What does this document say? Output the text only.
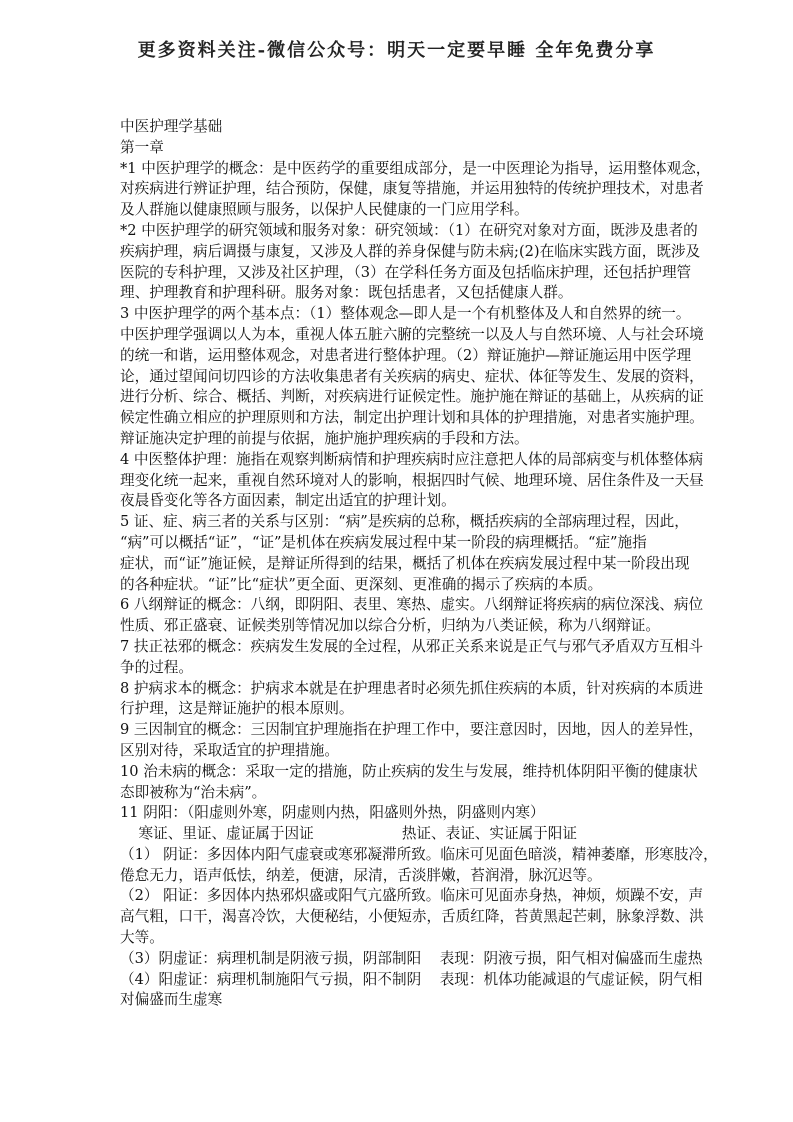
更多资料关注-微信公众号：明天一定要早睡 全年免费分享
中医护理学基础
第一章
*1 中医护理学的概念：是中医药学的重要组成部分，是一中医理论为指导，运用整体观念，
对疾病进行辨证护理，结合预防，保健，康复等措施，并运用独特的传统护理技术，对患者
及人群施以健康照顾与服务，以保护人民健康的一门应用学科。
*2 中医护理学的研究领域和服务对象：研究领域：（1）在研究对象对方面，既涉及患者的
疾病护理，病后调摄与康复，又涉及人群的养身保健与防未病;(2)在临床实践方面，既涉及
医院的专科护理，又涉及社区护理，（3）在学科任务方面及包括临床护理，还包括护理管
理、护理教育和护理科研。服务对象：既包括患者，又包括健康人群。
3 中医护理学的两个基本点：（1）整体观念—即人是一个有机整体及人和自然界的统一。
中医护理学强调以人为本，重视人体五脏六腑的完整统一以及人与自然环境、人与社会环境
的统一和谐，运用整体观念，对患者进行整体护理。（2）辩证施护—辩证施运用中医学理
论，通过望闻问切四诊的方法收集患者有关疾病的病史、症状、体征等发生、发展的资料，
进行分析、综合、概括、判断，对疾病进行证候定性。施护施在辩证的基础上，从疾病的证
候定性确立相应的护理原则和方法，制定出护理计划和具体的护理措施，对患者实施护理。
辩证施决定护理的前提与依据，施护施护理疾病的手段和方法。
4 中医整体护理：施指在观察判断病情和护理疾病时应注意把人体的局部病变与机体整体病
理变化统一起来，重视自然环境对人的影响，根据四时气候、地理环境、居住条件及一天昼
夜晨昏变化等各方面因素，制定出适宜的护理计划。
5 证、症、病三者的关系与区别：“病”是疾病的总称，概括疾病的全部病理过程，因此，
“病”可以概括“证”，“证”是机体在疾病发展过程中某一阶段的病理概括。“症”施指
症状，而“证”施证候，是辩证所得到的结果，概括了机体在疾病发展过程中某一阶段出现
的各种症状。“证”比“症状”更全面、更深刻、更准确的揭示了疾病的本质。
6 八纲辩证的概念：八纲，即阴阳、表里、寒热、虚实。八纲辩证将疾病的病位深浅、病位
性质、邪正盛衰、证候类别等情况加以综合分析，归纳为八类证候，称为八纲辩证。
7 扶正祛邪的概念：疾病发生发展的全过程，从邪正关系来说是正气与邪气矛盾双方互相斗
争的过程。
8 护病求本的概念：护病求本就是在护理患者时必须先抓住疾病的本质，针对疾病的本质进
行护理，这是辩证施护的根本原则。
9 三因制宜的概念：三因制宜护理施指在护理工作中，要注意因时，因地，因人的差异性，
区别对待，采取适宜的护理措施。
10 治未病的概念：采取一定的措施，防止疾病的发生与发展，维持机体阴阳平衡的健康状
态即被称为“治未病”。
11 阴阳：（阳虚则外寒，阴虚则内热，阳盛则外热，阴盛则内寒）
寒证、里证、虚证属于因证                   热证、表证、实证属于阳证
（1） 阴证：多因体内阳气虚衰或寒邪凝滞所致。临床可见面色暗淡，精神萎靡，形寒肢冷，
倦怠无力，语声低怯，纳差，便溏，尿清，舌淡胖嫩，苔润滑，脉沉迟等。
（2） 阳证：多因体内热邪炽盛或阳气亢盛所致。临床可见面赤身热，神烦，烦躁不安，声
高气粗，口干，渴喜冷饮，大便秘结，小便短赤，舌质红降，苔黄黑起芒刺，脉象浮数、洪
大等。
（3）阴虚证：病理机制是阴液亏损，阴部制阳    表现：阴液亏损，阳气相对偏盛而生虚热
（4）阳虚证：病理机制施阳气亏损，阳不制阴    表现：机体功能减退的气虚证候，阴气相
对偏盛而生虚寒
